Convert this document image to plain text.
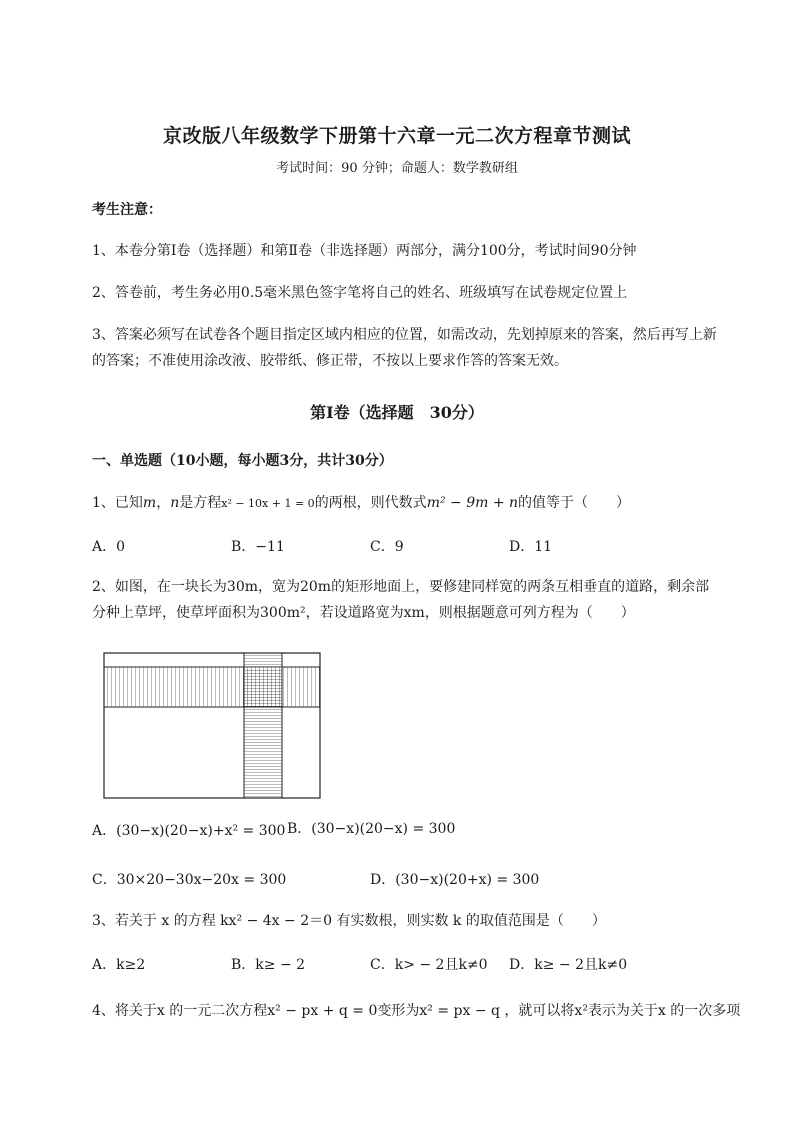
京改版八年级数学下册第十六章一元二次方程章节测试
考试时间：90 分钟；命题人：数学教研组
考生注意：
1、本卷分第Ⅰ卷（选择题）和第Ⅱ卷（非选择题）两部分，满分100分，考试时间90分钟
2、答卷前，考生务必用0.5毫米黑色签字笔将自己的姓名、班级填写在试卷规定位置上
3、答案必须写在试卷各个题目指定区域内相应的位置，如需改动，先划掉原来的答案，然后再写上新
的答案；不准使用涂改液、胶带纸、修正带，不按以上要求作答的答案无效。
第Ⅰ卷（选择题　30分）
一、单选题（10小题，每小题3分，共计30分）
1、已知m，n是方程x² − 10x + 1 = 0的两根，则代数式m² − 9m + n的值等于（　　）
A．0	B．−11	C．9	D．11
2、如图，在一块长为30m，宽为20m的矩形地面上，要修建同样宽的两条互相垂直的道路，剩余部
分种上草坪，使草坪面积为300m²，若设道路宽为xm，则根据题意可列方程为（　　）
A．(30−x)(20−x)+x² = 300 B．(30−x)(20−x) = 300
C．30×20−30x−20x = 300	D．(30−x)(20+x) = 300
3、若关于 x 的方程 kx² − 4x − 2＝0 有实数根，则实数 k 的取值范围是（　　）
A．k≥2	B．k≥ − 2	C．k> − 2且k≠0 D．k≥ − 2且k≠0
4、将关于x 的一元二次方程x² − px + q = 0变形为x² = px − q ，就可以将x²表示为关于x 的一次多项
